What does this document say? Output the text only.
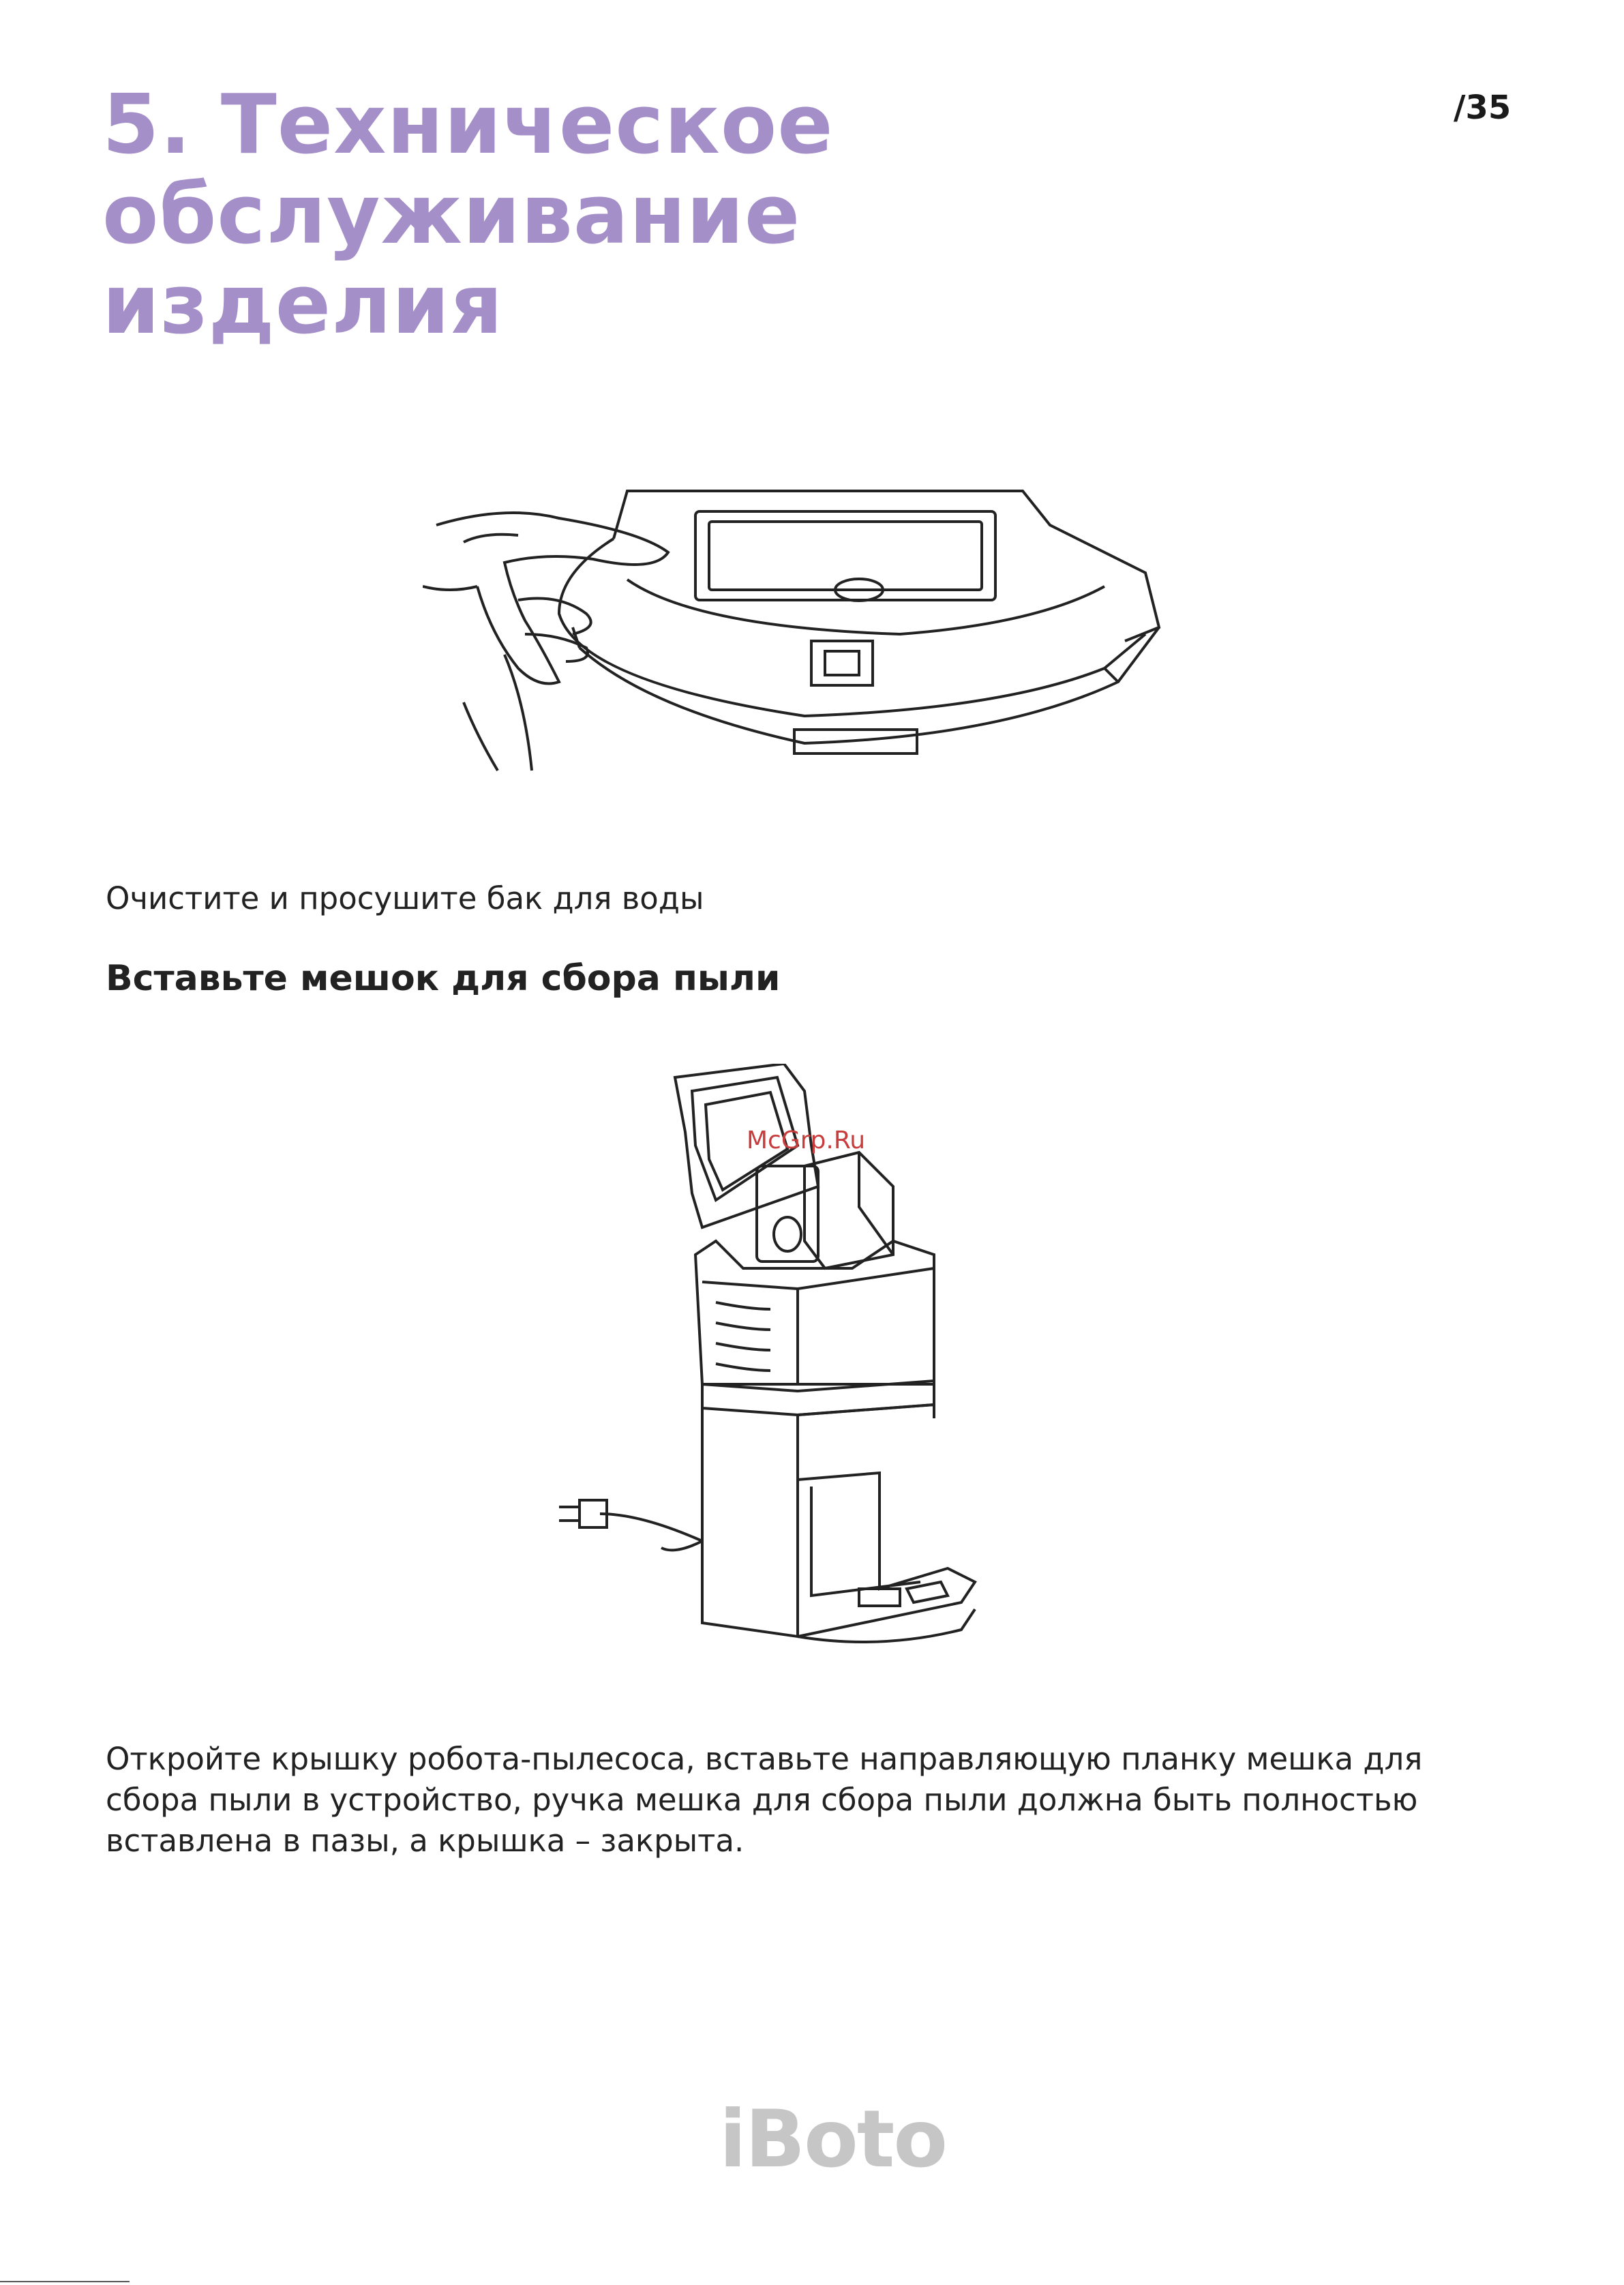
5. Техническое обслуживание
изделия
/35
Очистите и просушите бак для воды
Вставьте мешок для сбора пыли
McGrp.Ru
Откройте крышку робота-пылесоса, вставьте направляющую планку мешка для
сбора пыли в устройство, ручка мешка для сбора пыли должна быть полностью
вставлена в пазы, а крышка – закрыта.
iBoto
